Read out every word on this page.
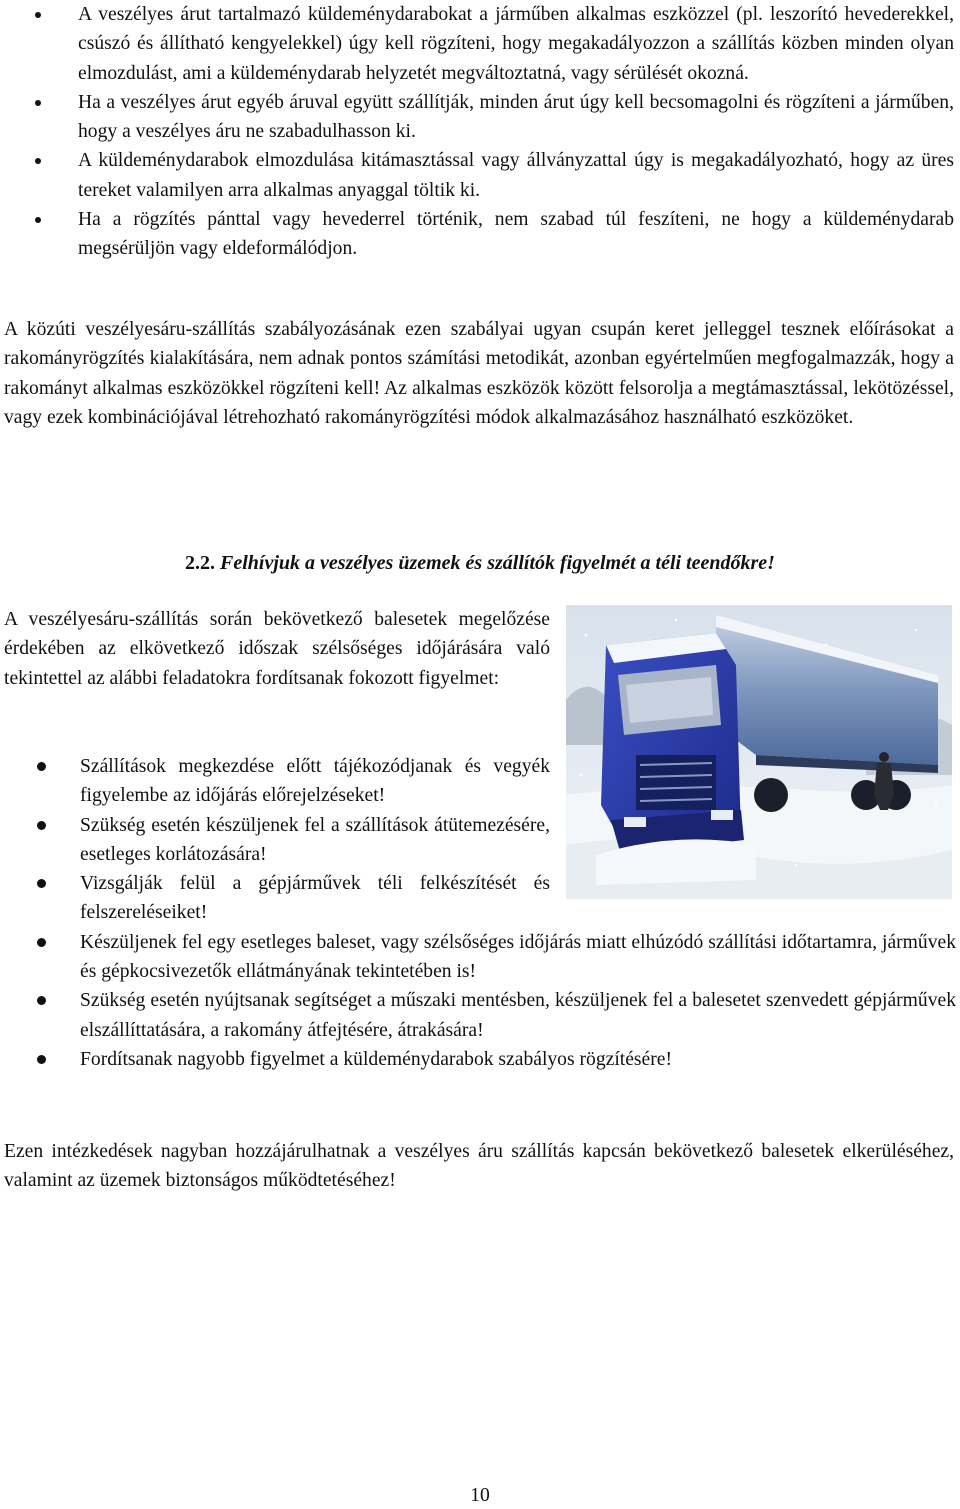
A veszélyes árut tartalmazó küldeménydarabokat a járműben alkalmas eszközzel (pl. leszorító hevederekkel, csúszó és állítható kengyelekkel) úgy kell rögzíteni, hogy megakadályozzon a szállítás közben minden olyan elmozdulást, ami a küldeménydarab helyzetét megváltoztatná, vagy sérülését okozná.
Ha a veszélyes árut egyéb áruval együtt szállítják, minden árut úgy kell becsomagolni és rögzíteni a járműben, hogy a veszélyes áru ne szabadulhasson ki.
A küldeménydarabok elmozdulása kitámasztással vagy állványzattal úgy is megakadályozható, hogy az üres tereket valamilyen arra alkalmas anyaggal töltik ki.
Ha a rögzítés pánttal vagy hevederrel történik, nem szabad túl feszíteni, ne hogy a küldeménydarab megsérüljön vagy eldeformálódjon.

A közúti veszélyesáru-szállítás szabályozásának ezen szabályai ugyan csupán keret jelleggel tesznek előírásokat a rakományrögzítés kialakítására, nem adnak pontos számítási metodikát, azonban egyértelműen megfogalmazzák, hogy a rakományt alkalmas eszközökkel rögzíteni kell! Az alkalmas eszközök között felsorolja a megtámasztással, lekötözéssel, vagy ezek kombinációjával létrehozható rakományrögzítési módok alkalmazásához használható eszközöket.

2.2. Felhívjuk a veszélyes üzemek és szállítók figyelmét a téli teendőkre!

A veszélyesáru-szállítás során bekövetkező balesetek megelőzése érdekében az elkövetkező időszak szélsőséges időjárására való tekintettel az alábbi feladatokra fordítsanak fokozott figyelmet:

Szállítások megkezdése előtt tájékozódjanak és vegyék figyelembe az időjárás előrejelzéseket!
Szükség esetén készüljenek fel a szállítások átütemezésére, esetleges korlátozására!
Vizsgálják felül a gépjárművek téli felkészítését és felszereléseiket!
Készüljenek fel egy esetleges baleset, vagy szélsőséges időjárás miatt elhúzódó szállítási időtartamra, járművek és gépkocsivezetők ellátmányának tekintetében is!
Szükség esetén nyújtsanak segítséget a műszaki mentésben, készüljenek fel a balesetet szenvedett gépjárművek elszállíttatására, a rakomány átfejtésére, átrakására!
Fordítsanak nagyobb figyelmet a küldeménydarabok szabályos rögzítésére!

Ezen intézkedések nagyban hozzájárulhatnak a veszélyes áru szállítás kapcsán bekövetkező balesetek elkerüléséhez, valamint az üzemek biztonságos működtetéséhez!

10
